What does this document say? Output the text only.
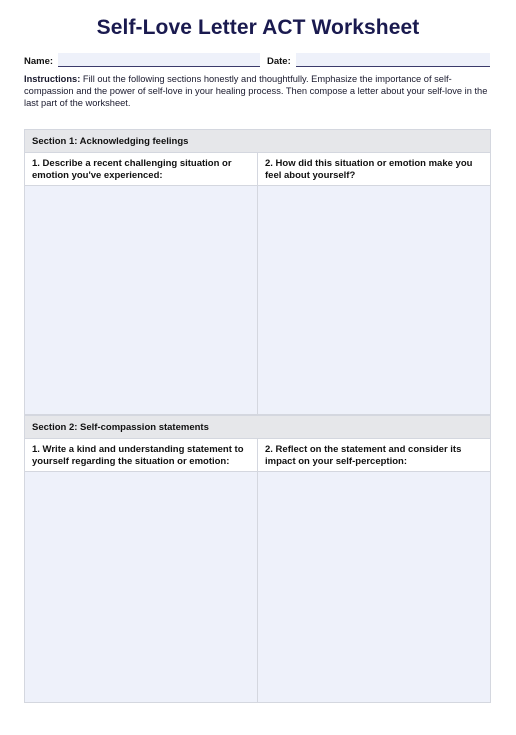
Self-Love Letter ACT Worksheet
Name:	Date:
Instructions: Fill out the following sections honestly and thoughtfully. Emphasize the importance of self-compassion and the power of self-love in your healing process. Then compose a letter about your self-love in the last part of the worksheet.
Section 1: Acknowledging feelings
1. Describe a recent challenging situation or emotion you've experienced:
2. How did this situation or emotion make you feel about yourself?
Section 2: Self-compassion statements
1. Write a kind and understanding statement to yourself regarding the situation or emotion:
2. Reflect on the statement and consider its impact on your self-perception:
